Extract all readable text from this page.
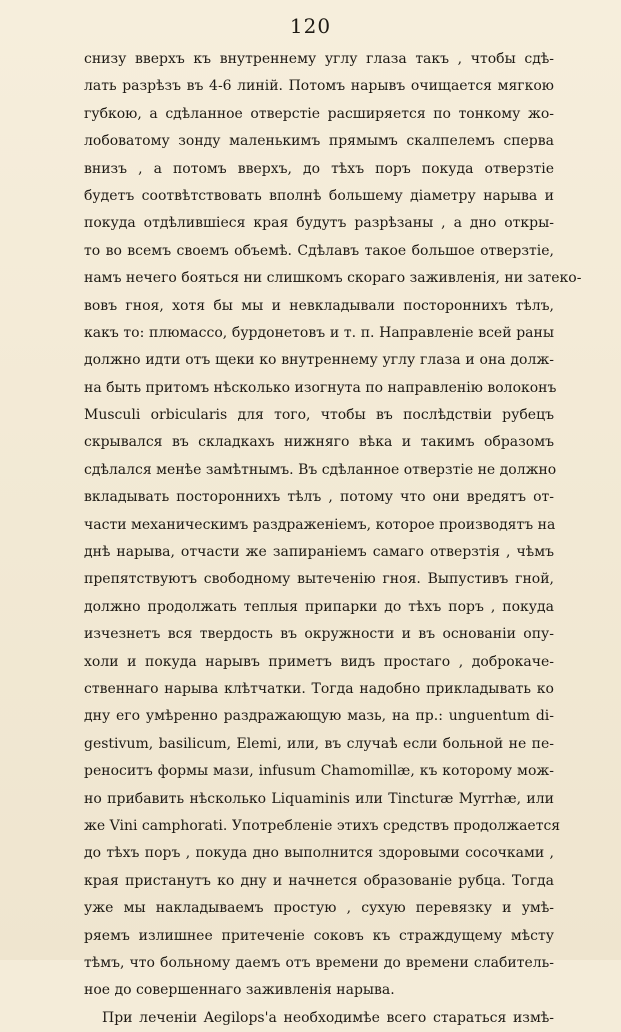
120
снизу вверхъ къ внутреннему углу глаза такъ , чтобы сдѣ-
лать разрѣзъ въ 4-6 линій. Потомъ нарывъ очищается мягкою
губкою, а сдѣланное отверстіе расширяется по тонкому жо-
лобоватому зонду маленькимъ прямымъ скалпелемъ сперва
внизъ , а потомъ вверхъ, до тѣхъ поръ покуда отверзтіе
будетъ соотвѣтствовать вполнѣ большему діаметру нарыва и
покуда отдѣлившіеся края будутъ разрѣзаны , а дно откры-
то во всемъ своемъ объемѣ. Сдѣлавъ такое большое отверзтіе,
намъ нечего бояться ни слишкомъ скораго заживленія, ни затеко-
вовъ гноя, хотя бы мы и невкладывали постороннихъ тѣлъ,
какъ то: плюмассо, бурдонетовъ и т. п. Направленіе всей раны
должно идти отъ щеки ко внутреннему углу глаза и она долж-
на быть притомъ нѣсколько изогнута по направленію волоконъ
Musculi orbicularis для того, чтобы въ послѣдствіи рубецъ
скрывался въ складкахъ нижняго вѣка и такимъ образомъ
сдѣлался менѣе замѣтнымъ. Въ сдѣланное отверзтіе не должно
вкладывать постороннихъ тѣлъ , потому что они вредятъ от-
части механическимъ раздраженіемъ, которое производятъ на
днѣ нарыва, отчасти же запираніемъ самаго отверзтія , чѣмъ
препятствуютъ свободному вытеченію гноя. Выпустивъ гной,
должно продолжать теплыя припарки до тѣхъ поръ , покуда
изчезнетъ вся твердость въ окружности и въ основаніи опу-
холи и покуда нарывъ приметъ видъ простаго , доброкаче-
ственнаго нарыва клѣтчатки. Тогда надобно прикладывать ко
дну его умѣренно раздражающую мазь, на пр.: unguentum di-
gestivum, basilicum, Elemi, или, въ случаѣ если больной не пе-
реноситъ формы мази, infusum Chamomillæ, къ которому мож-
но прибавить нѣсколько Liquaminis или Tincturæ Myrrhæ, или
же Vini camphorati. Употребленіе этихъ средствъ продолжается
до тѣхъ поръ , покуда дно выполнится здоровыми сосочками ,
края пристанутъ ко дну и начнется образованіе рубца. Тогда
уже мы накладываемъ простую , сухую перевязку и умѣ-
ряемъ излишнее притеченіе соковъ къ страждущему мѣсту
тѣмъ, что больному даемъ отъ времени до времени слабитель-
ное до совершеннаго заживленія нарыва.
При леченіи Aegilops'a необходимѣе всего стараться измѣ-
